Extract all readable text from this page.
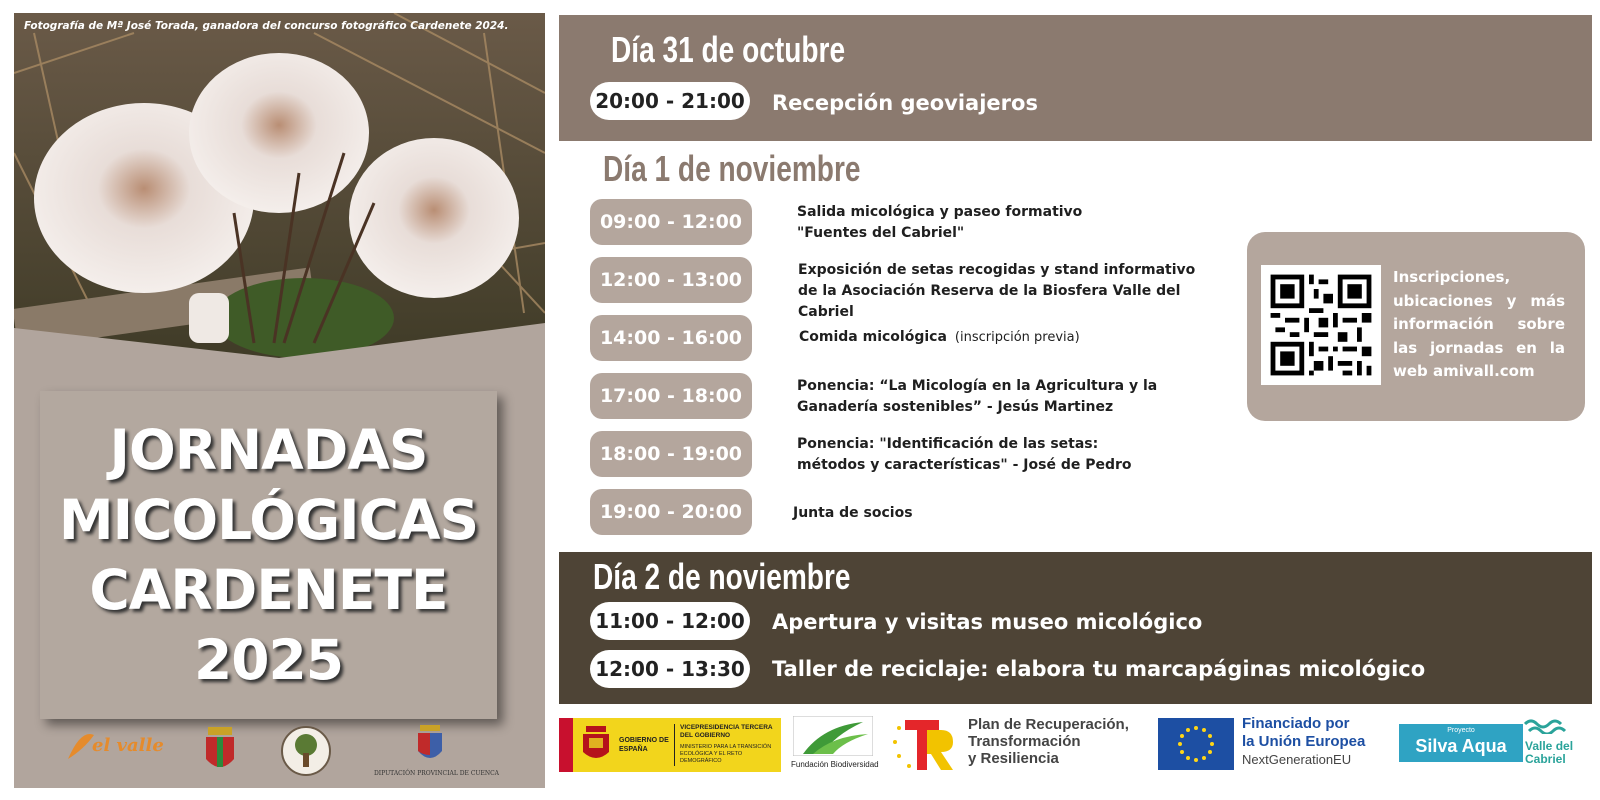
Fotografía de Mª José Torada, ganadora del concurso fotográfico Cardenete 2024.
JORNADAS
MICOLÓGICAS
CARDENETE
2025
el valle
DIPUTACIÓN PROVINCIAL DE CUENCA
Día 31 de octubre
20:00 - 21:00 Recepción geoviajeros
Día 1 de noviembre
09:00 - 12:00	Salida micológica y paseo formativo "Fuentes del Cabriel"
12:00 - 13:00	Exposición de setas recogidas y stand informativo de la Asociación Reserva de la Biosfera Valle del Cabriel
14:00 - 16:00	Comida micológica (inscripción previa)
17:00 - 18:00	Ponencia: “La Micología en la Agricultura y la Ganadería sostenibles” - Jesús Martinez
18:00 - 19:00	Ponencia: "Identificación de las setas: métodos y características" - José de Pedro
19:00 - 20:00	Junta de socios
Inscripciones, ubicaciones y más información sobre las jornadas en la web amivall.com
Día 2 de noviembre
11:00 - 12:00 Apertura y visitas museo micológico
12:00 - 13:30 Taller de reciclaje: elabora tu marcapáginas micológico
GOBIERNO DE ESPAÑA
VICEPRESIDENCIA TERCERA DEL GOBIERNO
MINISTERIO PARA LA TRANSICIÓN ECOLÓGICA Y EL RETO DEMOGRÁFICO	Fundación Biodiversidad
Plan de Recuperación,
Transformación
y Resiliencia
Financiado por
la Unión Europea
NextGenerationEU
Proyecto
Silva Aqua	Valle del
Cabriel
